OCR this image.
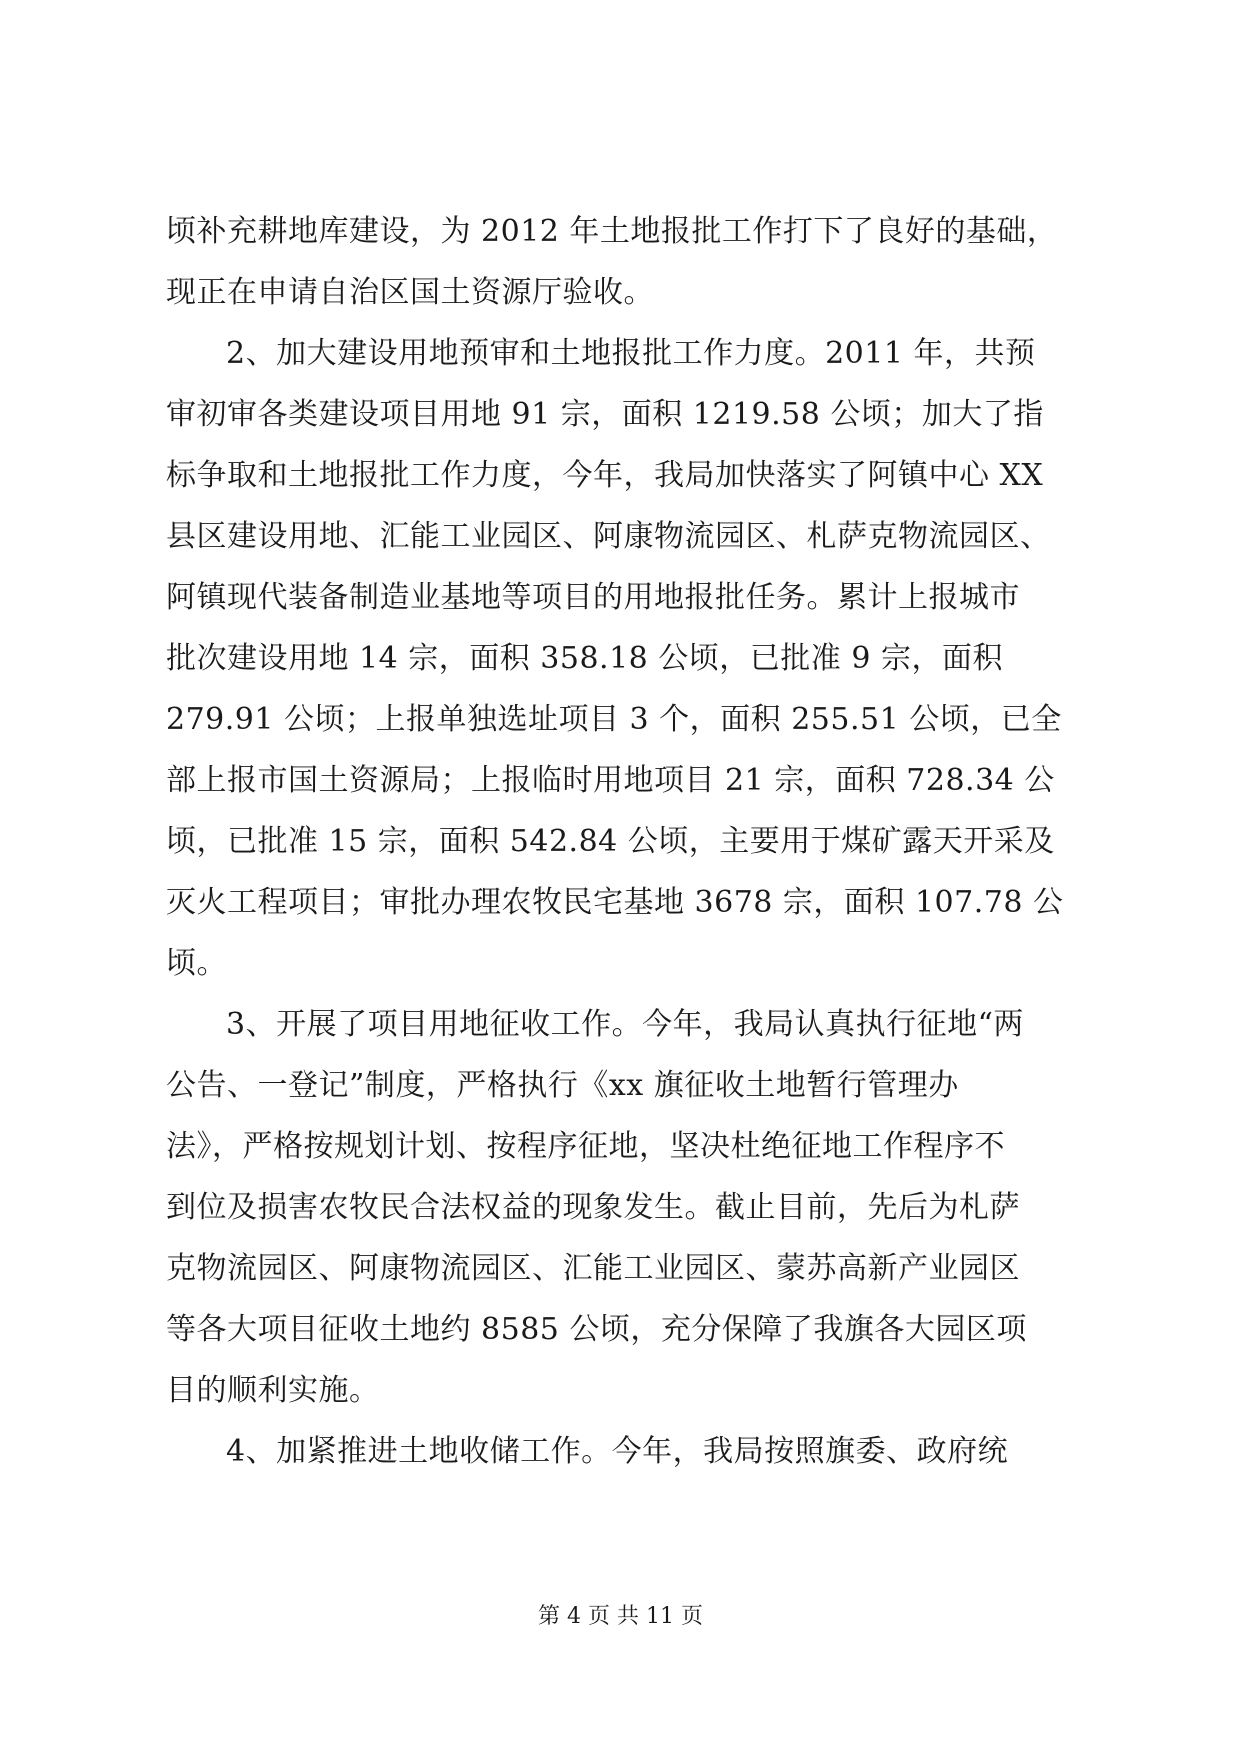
顷补充耕地库建设，为 2012 年土地报批工作打下了良好的基础，
现正在申请自治区国土资源厅验收。
2、加大建设用地预审和土地报批工作力度。2011 年，共预
审初审各类建设项目用地 91 宗，面积 1219.58 公顷；加大了指
标争取和土地报批工作力度，今年，我局加快落实了阿镇中心 XX
县区建设用地、汇能工业园区、阿康物流园区、札萨克物流园区、
阿镇现代装备制造业基地等项目的用地报批任务。累计上报城市
批次建设用地 14 宗，面积 358.18 公顷，已批准 9 宗，面积
279.91 公顷；上报单独选址项目 3 个，面积 255.51 公顷，已全
部上报市国土资源局；上报临时用地项目 21 宗，面积 728.34 公
顷，已批准 15 宗，面积 542.84 公顷，主要用于煤矿露天开采及
灭火工程项目；审批办理农牧民宅基地 3678 宗，面积 107.78 公
顷。
3、开展了项目用地征收工作。今年，我局认真执行征地“两
公告、一登记”制度，严格执行《xx 旗征收土地暂行管理办
法》，严格按规划计划、按程序征地，坚决杜绝征地工作程序不
到位及损害农牧民合法权益的现象发生。截止目前，先后为札萨
克物流园区、阿康物流园区、汇能工业园区、蒙苏高新产业园区
等各大项目征收土地约 8585 公顷，充分保障了我旗各大园区项
目的顺利实施。
4、加紧推进土地收储工作。今年，我局按照旗委、政府统
第 4 页 共 11 页
